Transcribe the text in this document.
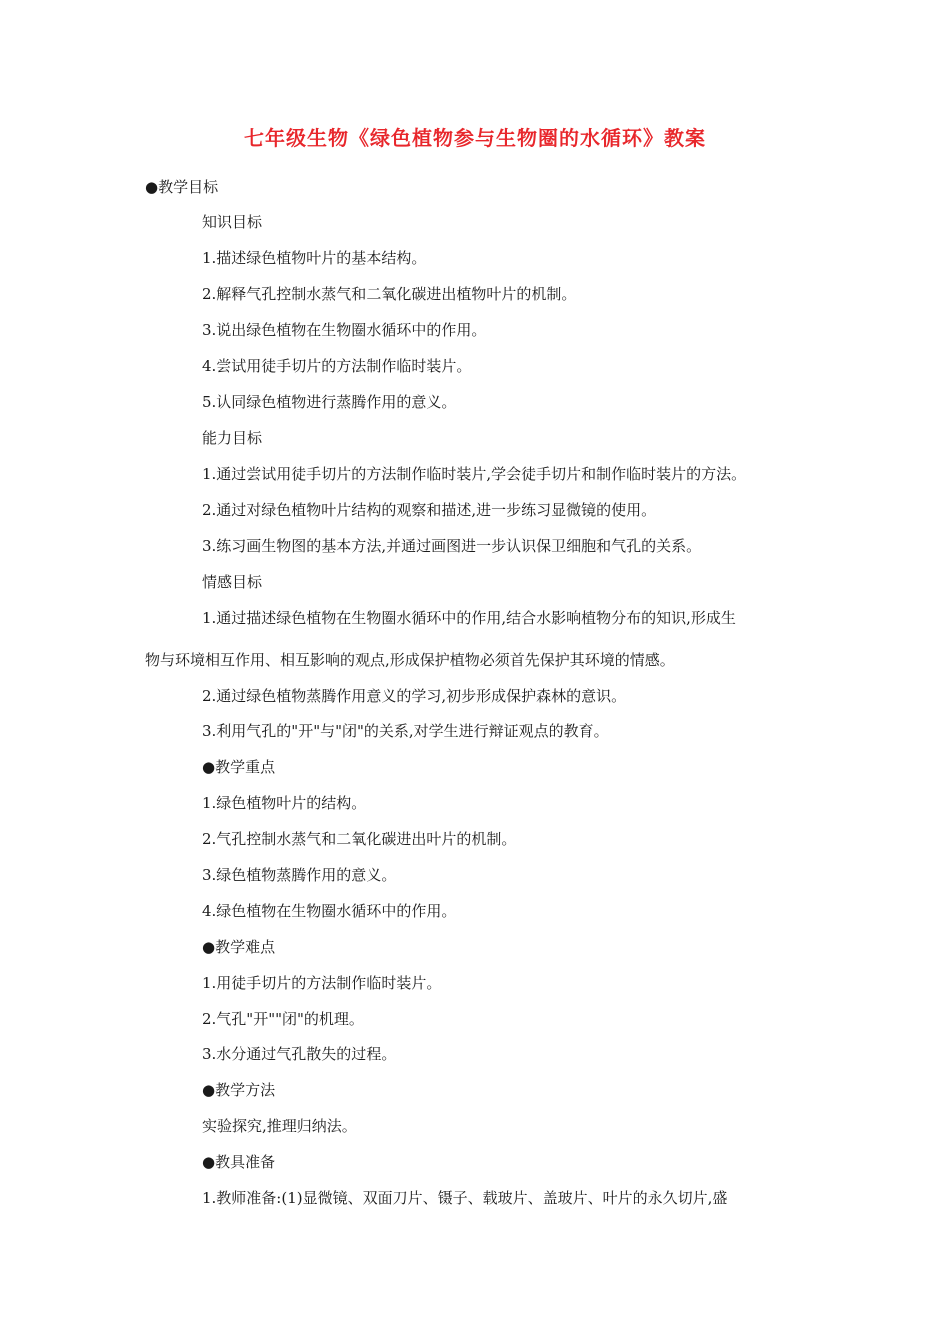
七年级生物《绿色植物参与生物圈的水循环》教案
●教学目标
知识目标
1.描述绿色植物叶片的基本结构。
2.解释气孔控制水蒸气和二氧化碳进出植物叶片的机制。
3.说出绿色植物在生物圈水循环中的作用。
4.尝试用徒手切片的方法制作临时装片。
5.认同绿色植物进行蒸腾作用的意义。
能力目标
1.通过尝试用徒手切片的方法制作临时装片,学会徒手切片和制作临时装片的方法。
2.通过对绿色植物叶片结构的观察和描述,进一步练习显微镜的使用。
3.练习画生物图的基本方法,并通过画图进一步认识保卫细胞和气孔的关系。
情感目标
1.通过描述绿色植物在生物圈水循环中的作用,结合水影响植物分布的知识,形成生
物与环境相互作用、相互影响的观点,形成保护植物必须首先保护其环境的情感。
2.通过绿色植物蒸腾作用意义的学习,初步形成保护森林的意识。
3.利用气孔的"开"与"闭"的关系,对学生进行辩证观点的教育。
●教学重点
1.绿色植物叶片的结构。
2.气孔控制水蒸气和二氧化碳进出叶片的机制。
3.绿色植物蒸腾作用的意义。
4.绿色植物在生物圈水循环中的作用。
●教学难点
1.用徒手切片的方法制作临时装片。
2.气孔"开""闭"的机理。
3.水分通过气孔散失的过程。
●教学方法
实验探究,推理归纳法。
●教具准备
1.教师准备:(1)显微镜、双面刀片、镊子、载玻片、盖玻片、叶片的永久切片,盛
